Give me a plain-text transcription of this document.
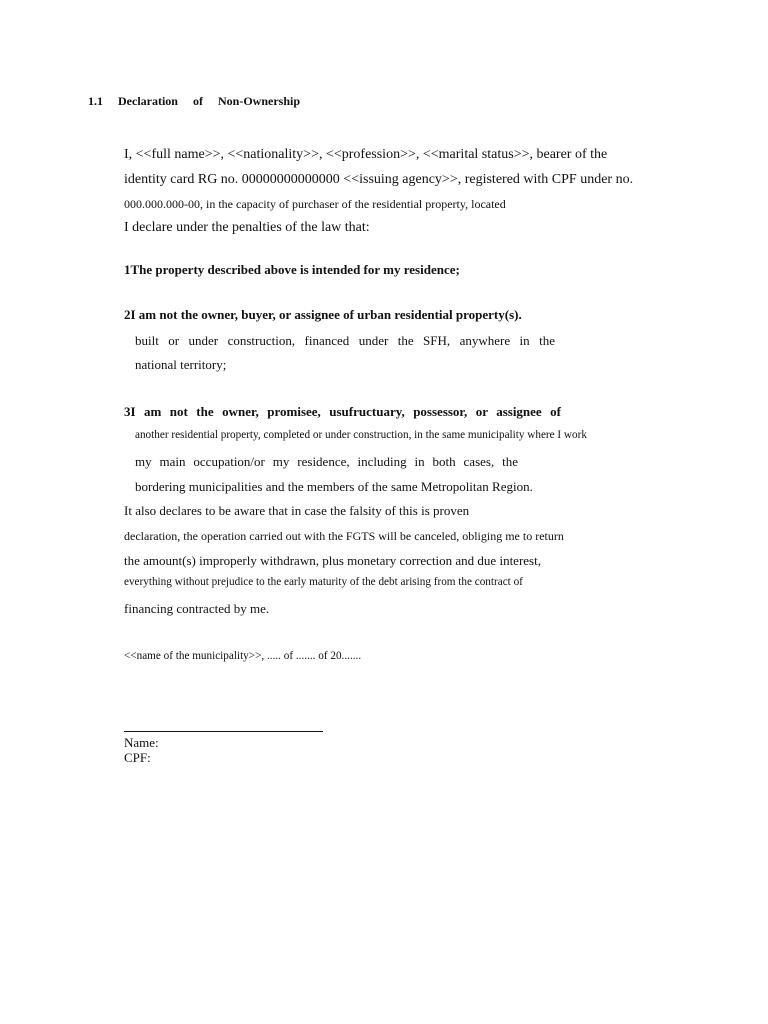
1.1 Declaration of Non-Ownership
I, <<full name>>, <<nationality>>, <<profession>>, <<marital status>>, bearer of the
identity card RG no. 00000000000000 <<issuing agency>>, registered with CPF under no.
000.000.000-00, in the capacity of purchaser of the residential property, located
I declare under the penalties of the law that:
1The property described above is intended for my residence;
2I am not the owner, buyer, or assignee of urban residential property(s).
built or under construction, financed under the SFH, anywhere in the
national territory;
3I am not the owner, promisee, usufructuary, possessor, or assignee of
another residential property, completed or under construction, in the same municipality where I work
my main occupation/or my residence, including in both cases, the
bordering municipalities and the members of the same Metropolitan Region.
It also declares to be aware that in case the falsity of this is proven
declaration, the operation carried out with the FGTS will be canceled, obliging me to return
the amount(s) improperly withdrawn, plus monetary correction and due interest,
everything without prejudice to the early maturity of the debt arising from the contract of
financing contracted by me.
<<name of the municipality>>, ..... of ....... of 20.......
Name:
CPF:
